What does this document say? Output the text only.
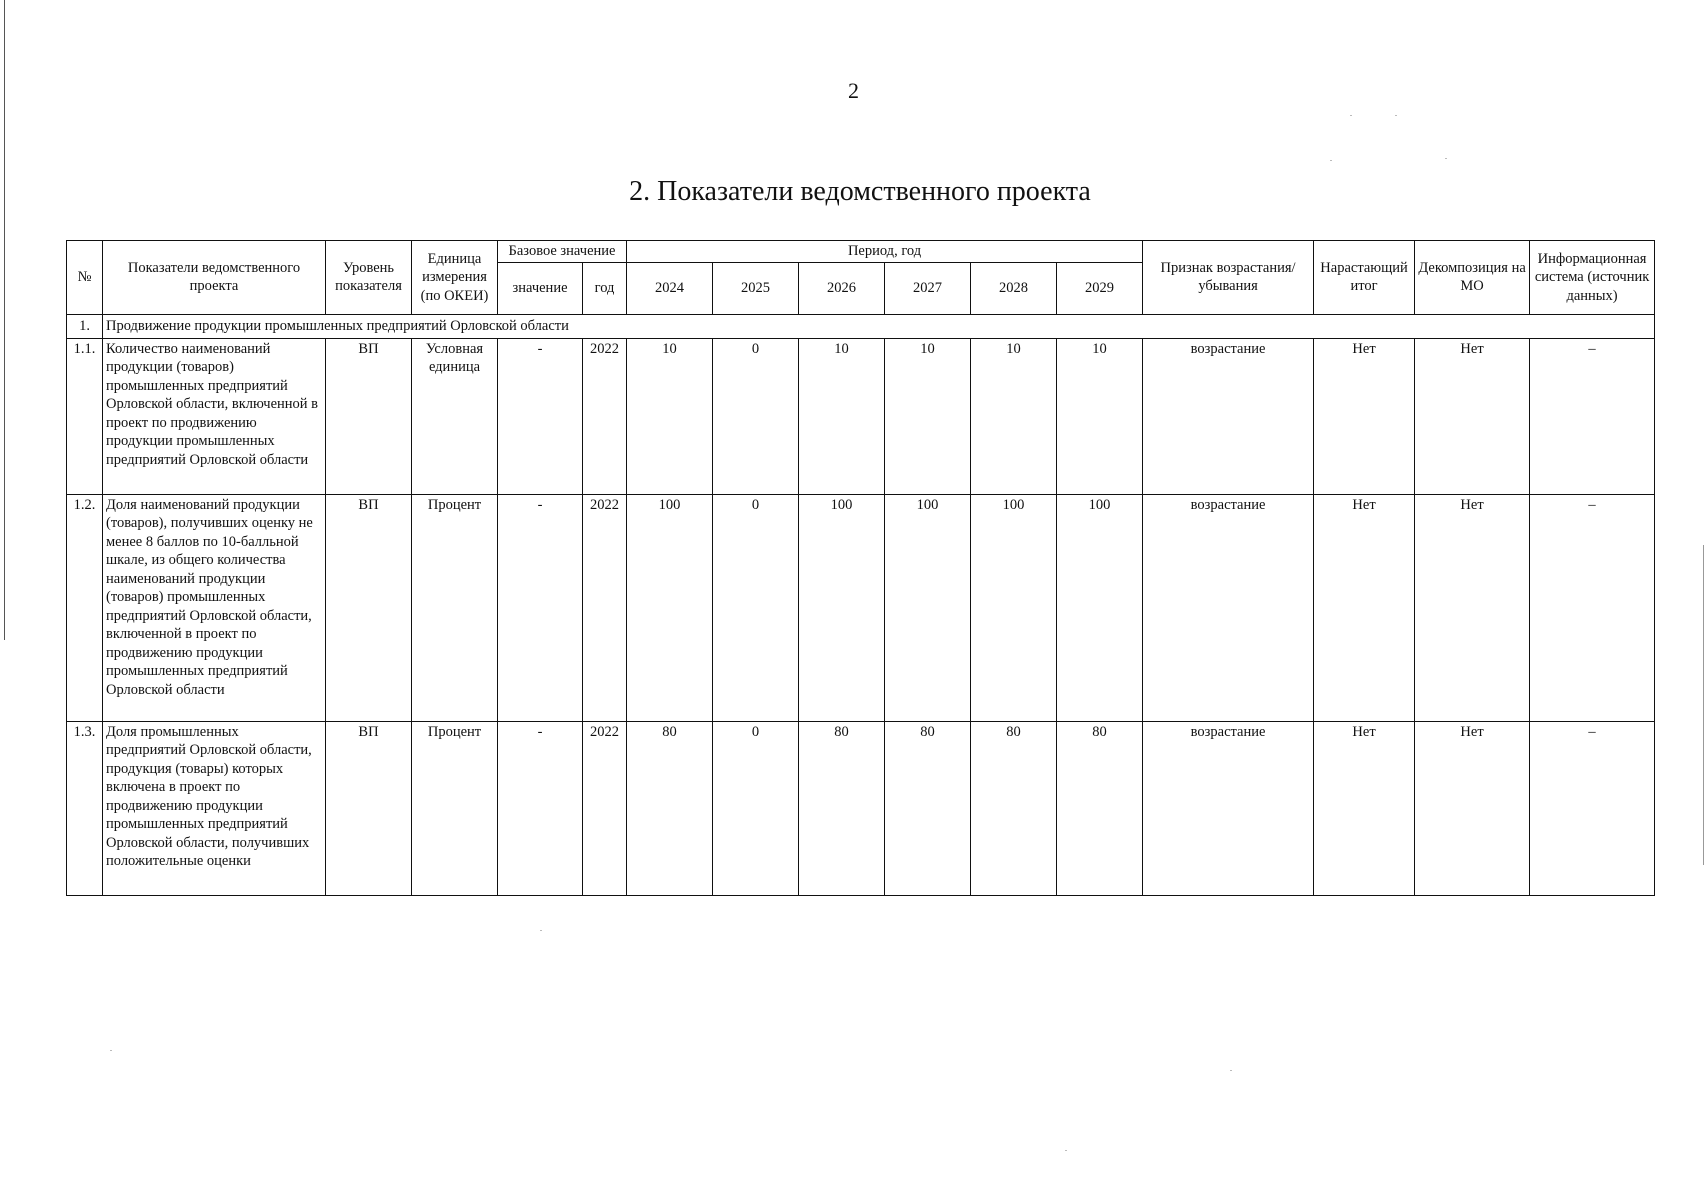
2
2. Показатели ведомственного проекта
№	Показатели ведомственного проекта	Уровень показателя	Единица измерения (по ОКЕИ)	Базовое значение		Период, год						Признак возрастания/убывания	Нарастающий итог	Декомпозиция на МО	Информационная система (источник данных)
				значение	год	2024	2025	2026	2027	2028	2029				
1.	Продвижение продукции промышленных предприятий Орловской области														
1.1.	Количество наименований продукции (товаров) промышленных предприятий Орловской области, включенной в проект по продвижению продукции промышленных предприятий Орловской области	ВП	Условная единица	-	2022	10	0	10	10	10	10	возрастание	Нет	Нет	–
1.2.	Доля наименований продукции (товаров), получивших оценку не менее 8 баллов по 10-балльной шкале, из общего количества наименований продукции (товаров) промышленных предприятий Орловской области, включенной в проект по продвижению продукции промышленных предприятий Орловской области	ВП	Процент	-	2022	100	0	100	100	100	100	возрастание	Нет	Нет	–
1.3.	Доля промышленных предприятий Орловской области, продукция (товары) которых включена в проект по продвижению продукции промышленных предприятий Орловской области, получивших положительные оценки	ВП	Процент	-	2022	80	0	80	80	80	80	возрастание	Нет	Нет	–
